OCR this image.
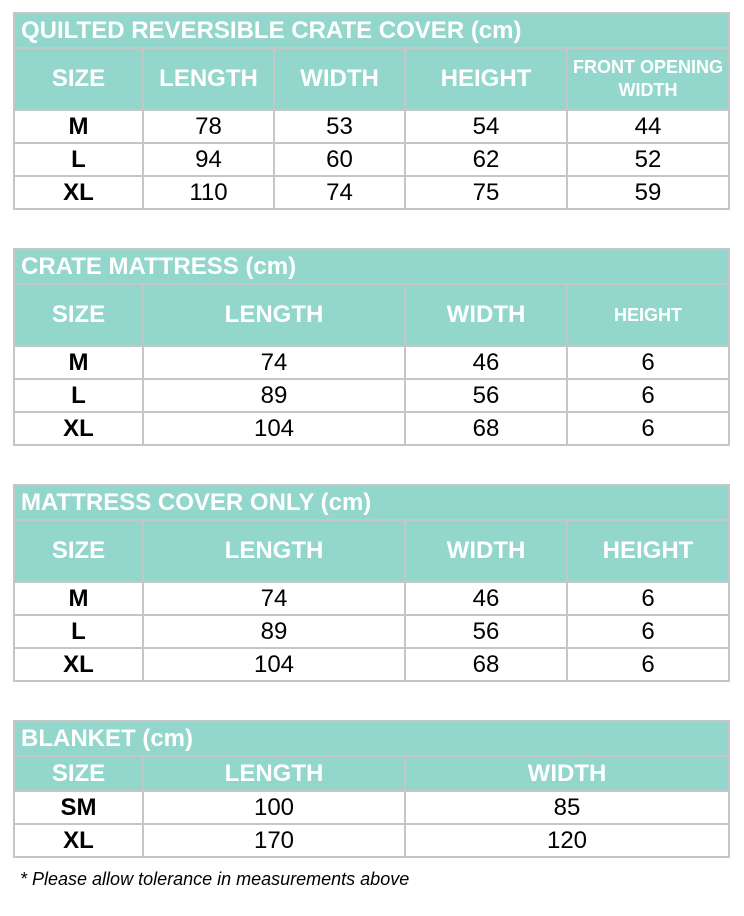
QUILTED REVERSIBLE CRATE COVER (cm)				
SIZE	LENGTH	WIDTH	HEIGHT	FRONT OPENING WIDTH
M	78	53	54	44
L	94	60	62	52
XL	110	74	75	59
CRATE MATTRESS (cm)			
SIZE	LENGTH	WIDTH	HEIGHT
M	74	46	6
L	89	56	6
XL	104	68	6
MATTRESS COVER ONLY (cm)			
SIZE	LENGTH	WIDTH	HEIGHT
M	74	46	6
L	89	56	6
XL	104	68	6
BLANKET (cm)		
SIZE	LENGTH	WIDTH
SM	100	85
XL	170	120
* Please allow tolerance in measurements above
